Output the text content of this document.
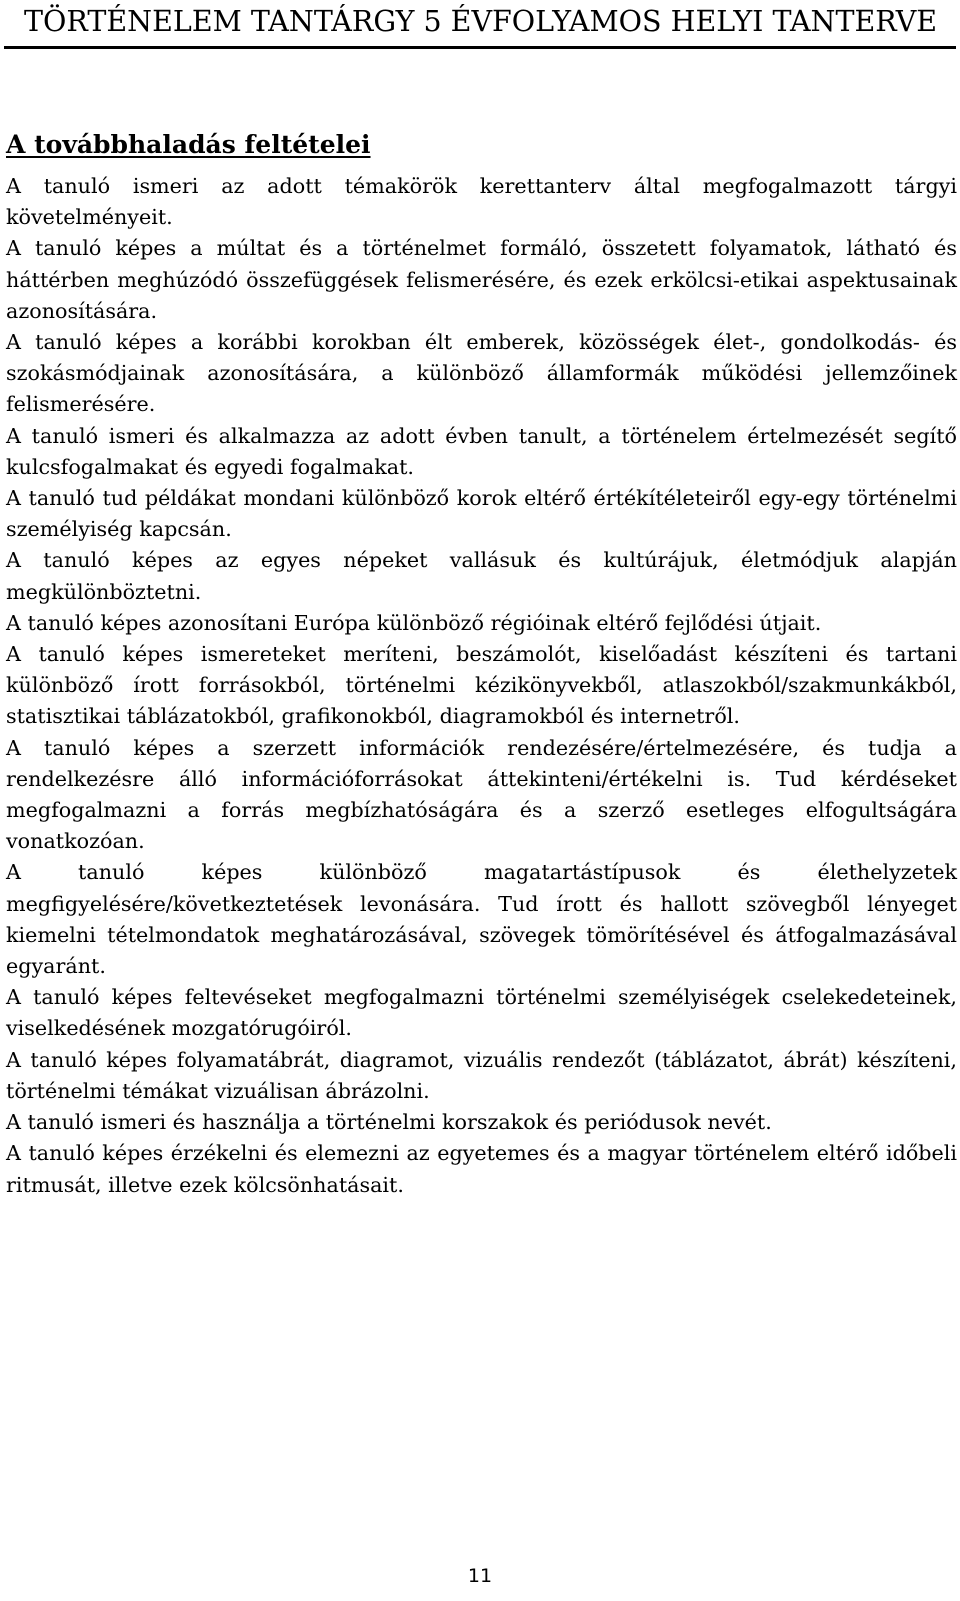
TÖRTÉNELEM TANTÁRGY 5 ÉVFOLYAMOS HELYI TANTERVE
A továbbhaladás feltételei

A tanuló ismeri az adott témakörök kerettanterv által megfogalmazott tárgyi követelményeit.

A tanuló képes a múltat és a történelmet formáló, összetett folyamatok, látható és háttérben meghúzódó összefüggések felismerésére, és ezek erkölcsi-etikai aspektusainak azonosítására.

A tanuló képes a korábbi korokban élt emberek, közösségek élet-, gondolkodás- és szokásmódjainak azonosítására, a különböző államformák működési jellemzőinek felismerésére.

A tanuló ismeri és alkalmazza az adott évben tanult, a történelem értelmezését segítő kulcsfogalmakat és egyedi fogalmakat.

A tanuló tud példákat mondani különböző korok eltérő értékítéleteiről egy-egy történelmi személyiség kapcsán.

A tanuló képes az egyes népeket vallásuk és kultúrájuk, életmódjuk alapján megkülönböztetni.

A tanuló képes azonosítani Európa különböző régióinak eltérő fejlődési útjait.

A tanuló képes ismereteket meríteni, beszámolót, kiselőadást készíteni és tartani különböző írott forrásokból, történelmi kézikönyvekből, atlaszokból/szakmunkákból, statisztikai táblázatokból, grafikonokból, diagramokból és internetről.

A tanuló képes a szerzett információk rendezésére/értelmezésére, és tudja a rendelkezésre álló információforrásokat áttekinteni/értékelni is. Tud kérdéseket megfogalmazni a forrás megbízhatóságára és a szerző esetleges elfogultságára vonatkozóan.

A tanuló képes különböző magatartástípusok és élethelyzetek megfigyelésére/következtetések levonására. Tud írott és hallott szövegből lényeget kiemelni tételmondatok meghatározásával, szövegek tömörítésével és átfogalmazásával egyaránt.

A tanuló képes feltevéseket megfogalmazni történelmi személyiségek cselekedeteinek, viselkedésének mozgatórugóiról.

A tanuló képes folyamatábrát, diagramot, vizuális rendezőt (táblázatot, ábrát) készíteni, történelmi témákat vizuálisan ábrázolni.

A tanuló ismeri és használja a történelmi korszakok és periódusok nevét.

A tanuló képes érzékelni és elemezni az egyetemes és a magyar történelem eltérő időbeli ritmusát, illetve ezek kölcsönhatásait.

11
